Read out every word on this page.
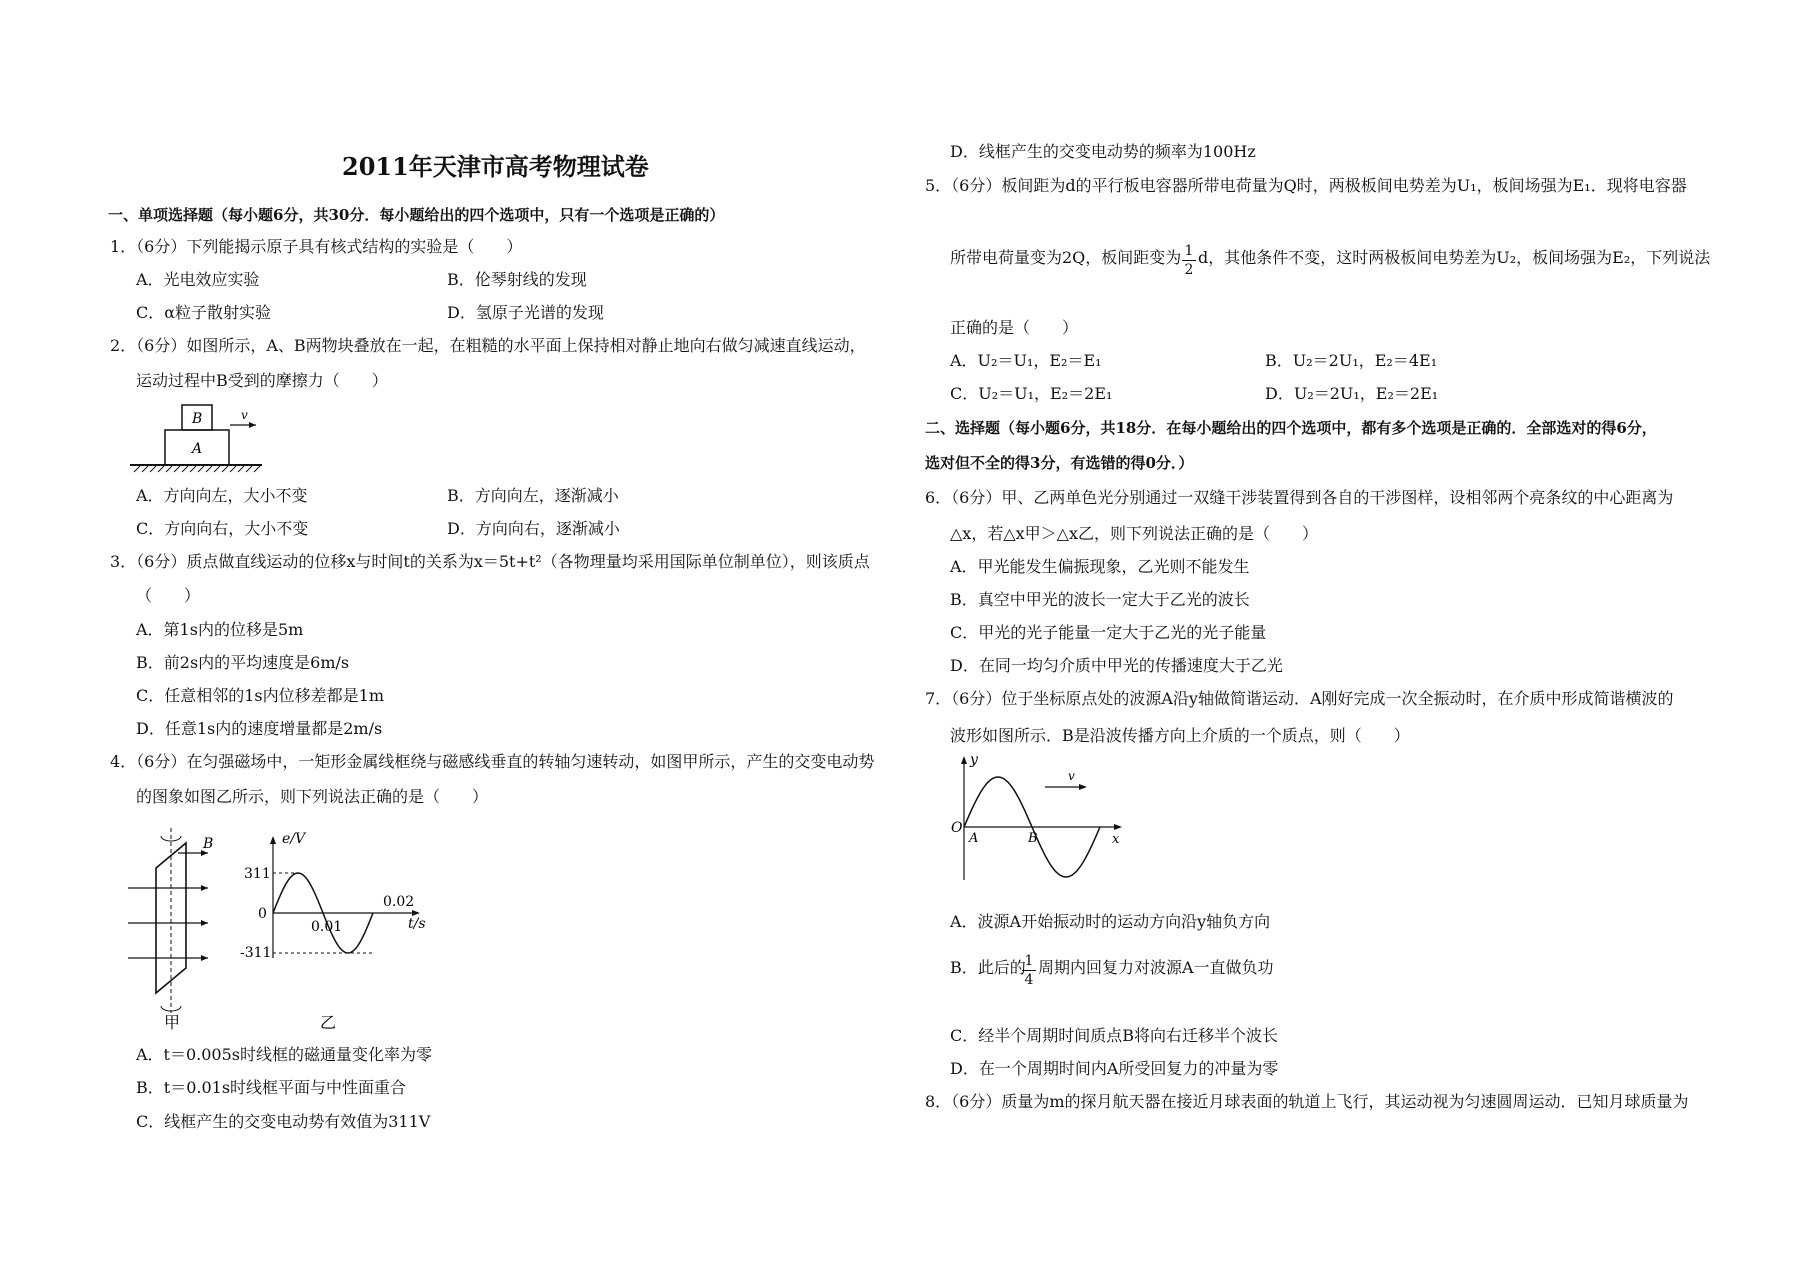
2011年天津市高考物理试卷
一、单项选择题（每小题6分，共30分．每小题给出的四个选项中，只有一个选项是正确的）
1．（6分）下列能揭示原子具有核式结构的实验是（　　）
A．光电效应实验	B．伦琴射线的发现
C．α粒子散射实验	D．氢原子光谱的发现
2．（6分）如图所示，A、B两物块叠放在一起，在粗糙的水平面上保持相对静止地向右做匀减速直线运动，
运动过程中B受到的摩擦力（　　）
B
A
v
A．方向向左，大小不变	B．方向向左，逐渐减小
C．方向向右，大小不变	D．方向向右，逐渐减小
3．（6分）质点做直线运动的位移x与时间t的关系为x＝5t+t²（各物理量均采用国际单位制单位），则该质点
（　　）
A．第1s内的位移是5m
B．前2s内的平均速度是6m/s
C．任意相邻的1s内位移差都是1m
D．任意1s内的速度增量都是2m/s
4．（6分）在匀强磁场中，一矩形金属线框绕与磁感线垂直的转轴匀速转动，如图甲所示，产生的交变电动势
的图象如图乙所示，则下列说法正确的是（　　）
B
甲
e/V
311
0
-311
0.01
0.02
t/s
乙
A．t＝0.005s时线框的磁通量变化率为零
B．t＝0.01s时线框平面与中性面重合
C．线框产生的交变电动势有效值为311V
D．线框产生的交变电动势的频率为100Hz
5．（6分）板间距为d的平行板电容器所带电荷量为Q时，两极板间电势差为U₁，板间场强为E₁．现将电容器
所带电荷量变为2Q，板间距变为 1
2
d，其他条件不变，这时两极板间电势差为U₂，板间场强为E₂，下列说法
正确的是（　　）
A．U₂＝U₁，E₂＝E₁	B．U₂＝2U₁，E₂＝4E₁
C．U₂＝U₁，E₂＝2E₁	D．U₂＝2U₁，E₂＝2E₁
二、选择题（每小题6分，共18分．在每小题给出的四个选项中，都有多个选项是正确的．全部选对的得6分，
选对但不全的得3分，有选错的得0分．）
6．（6分）甲、乙两单色光分别通过一双缝干涉装置得到各自的干涉图样，设相邻两个亮条纹的中心距离为
△x，若△x甲＞△x乙，则下列说法正确的是（　　）
A．甲光能发生偏振现象，乙光则不能发生
B．真空中甲光的波长一定大于乙光的波长
C．甲光的光子能量一定大于乙光的光子能量
D．在同一均匀介质中甲光的传播速度大于乙光
7．（6分）位于坐标原点处的波源A沿y轴做简谐运动．A刚好完成一次全振动时，在介质中形成简谐横波的
波形如图所示．B是沿波传播方向上介质的一个质点，则（　　）
v
y
O
A	B	x
A．波源A开始振动时的运动方向沿y轴负方向
B．此后的
1
4
周期内回复力对波源A一直做负功
C．经半个周期时间质点B将向右迁移半个波长
D．在一个周期时间内A所受回复力的冲量为零
8．（6分）质量为m的探月航天器在接近月球表面的轨道上飞行，其运动视为匀速圆周运动．已知月球质量为
